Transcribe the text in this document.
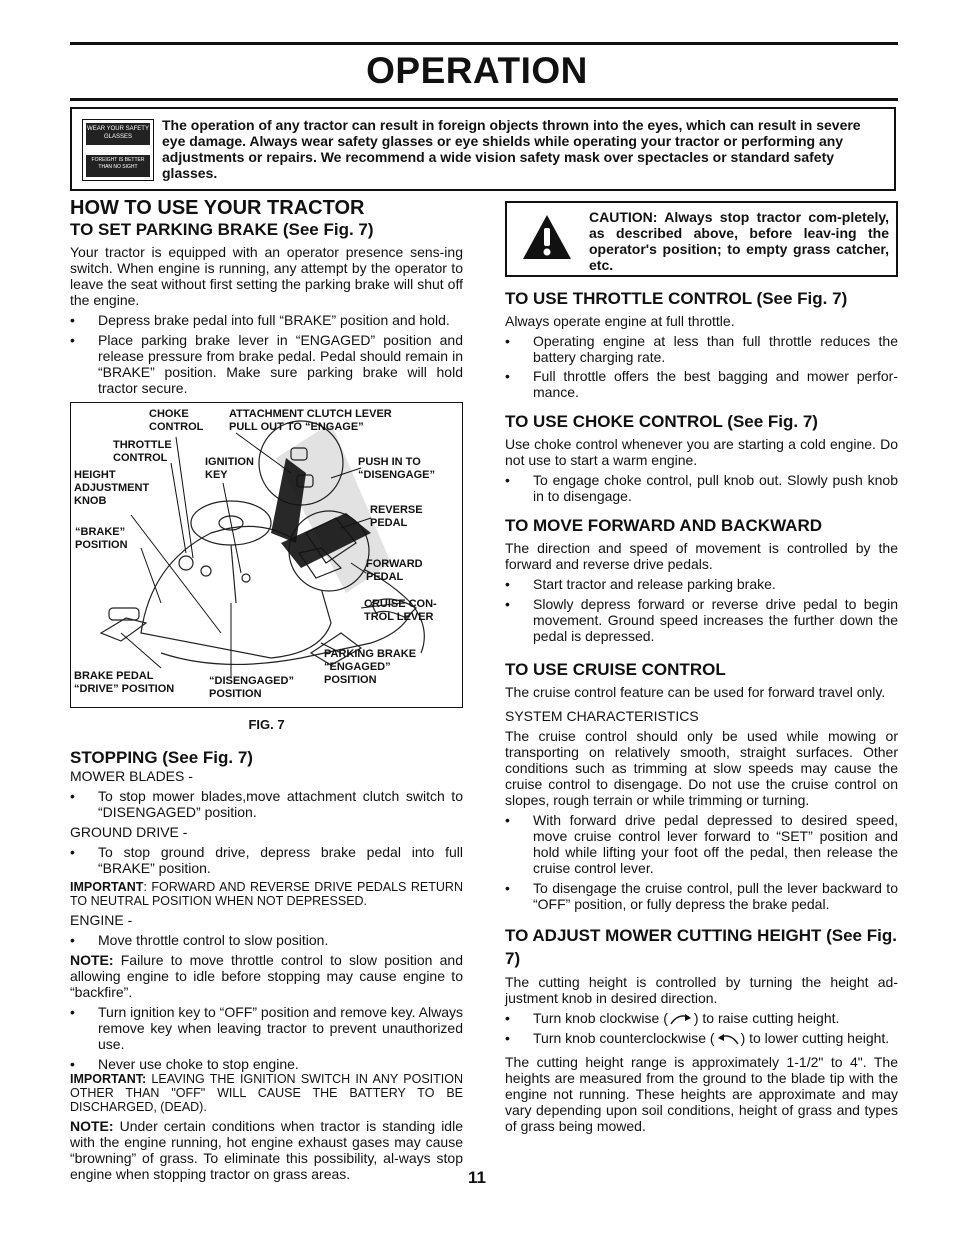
OPERATION
WEAR YOUR SAFETY GLASSES
FOREIGHT IS BETTER THAN NO SIGHT
The operation of any tractor can result in foreign objects thrown into the eyes, which can result in severe eye damage. Always wear safety glasses or eye shields while operating your tractor or performing any adjustments or repairs. We recommend a wide vision safety mask over spectacles or standard safety glasses.
HOW TO USE YOUR TRACTOR
TO SET PARKING BRAKE (See Fig. 7)

Your tractor is equipped with an operator presence sens-ing switch. When engine is running, any attempt by the operator to leave the seat without first setting the parking brake will shut off the engine.

• Depress brake pedal into full “BRAKE” position and hold.
• Place parking brake lever in “ENGAGED” position and release pressure from brake pedal. Pedal should remain in “BRAKE” position. Make sure parking brake will hold tractor secure.
CHOKE
CONTROL
ATTACHMENT CLUTCH LEVER
PULL OUT TO “ENGAGE”
THROTTLE
CONTROL	IGNITION
KEY
PUSH IN TO
“DISENGAGE”
HEIGHT
ADJUSTMENT
KNOB
REVERSE
PEDAL
“BRAKE”
POSITION
FORWARD
PEDAL
CRUISE CON-
TROL LEVER
PARKING BRAKE
“ENGAGED”
POSITION
BRAKE PEDAL
“DRIVE” POSITION
“DISENGAGED”
POSITION
FIG. 7
STOPPING (See Fig. 7)

MOWER BLADES -

• To stop mower blades,move attachment clutch switch to “DISENGAGED” position.

GROUND DRIVE -

• To stop ground drive, depress brake pedal into full “BRAKE” position.

IMPORTANT: FORWARD AND REVERSE DRIVE PEDALS RETURN TO NEUTRAL POSITION WHEN NOT DEPRESSED.

ENGINE -

• Move throttle control to slow position.

NOTE: Failure to move throttle control to slow position and allowing engine to idle before stopping may cause engine to “backfire”.

• Turn ignition key to “OFF” position and remove key. Always remove key when leaving tractor to prevent unauthorized use.
• Never use choke to stop engine.

IMPORTANT: LEAVING THE IGNITION SWITCH IN ANY POSITION OTHER THAN "OFF" WILL CAUSE THE BATTERY TO BE DISCHARGED, (DEAD).

NOTE: Under certain conditions when tractor is standing idle with the engine running, hot engine exhaust gases may cause “browning” of grass. To eliminate this possibility, al-ways stop engine when stopping tractor on grass areas.

CAUTION: Always stop tractor com-pletely, as described above, before leav-ing the operator's position; to empty grass catcher, etc.
TO USE THROTTLE CONTROL (See Fig. 7)

Always operate engine at full throttle.

• Operating engine at less than full throttle reduces the battery charging rate.
• Full throttle offers the best bagging and mower perfor-mance.
TO USE CHOKE CONTROL (See Fig. 7)

Use choke control whenever you are starting a cold engine. Do not use to start a warm engine.

• To engage choke control, pull knob out. Slowly push knob in to disengage.
TO MOVE FORWARD AND BACKWARD

The direction and speed of movement is controlled by the forward and reverse drive pedals.

• Start tractor and release parking brake.
• Slowly depress forward or reverse drive pedal to begin movement. Ground speed increases the further down the pedal is depressed.
TO USE CRUISE CONTROL

The cruise control feature can be used for forward travel only.

SYSTEM CHARACTERISTICS

The cruise control should only be used while mowing or transporting on relatively smooth, straight surfaces. Other conditions such as trimming at slow speeds may cause the cruise control to disengage. Do not use the cruise control on slopes, rough terrain or while trimming or turning.

• With forward drive pedal depressed to desired speed, move cruise control lever forward to “SET” position and hold while lifting your foot off the pedal, then release the cruise control lever.
• To disengage the cruise control, pull the lever backward to “OFF” position, or fully depress the brake pedal.
TO ADJUST MOWER CUTTING HEIGHT (See Fig. 7)

The cutting height is controlled by turning the height ad-justment knob in desired direction.

• Turn knob clockwise ( ) to raise cutting height.
• Turn knob counterclockwise ( ) to lower cutting height.

The cutting height range is approximately 1-1/2" to 4". The heights are measured from the ground to the blade tip with the engine not running. These heights are approximate and may vary depending upon soil conditions, height of grass and types of grass being mowed.

11
